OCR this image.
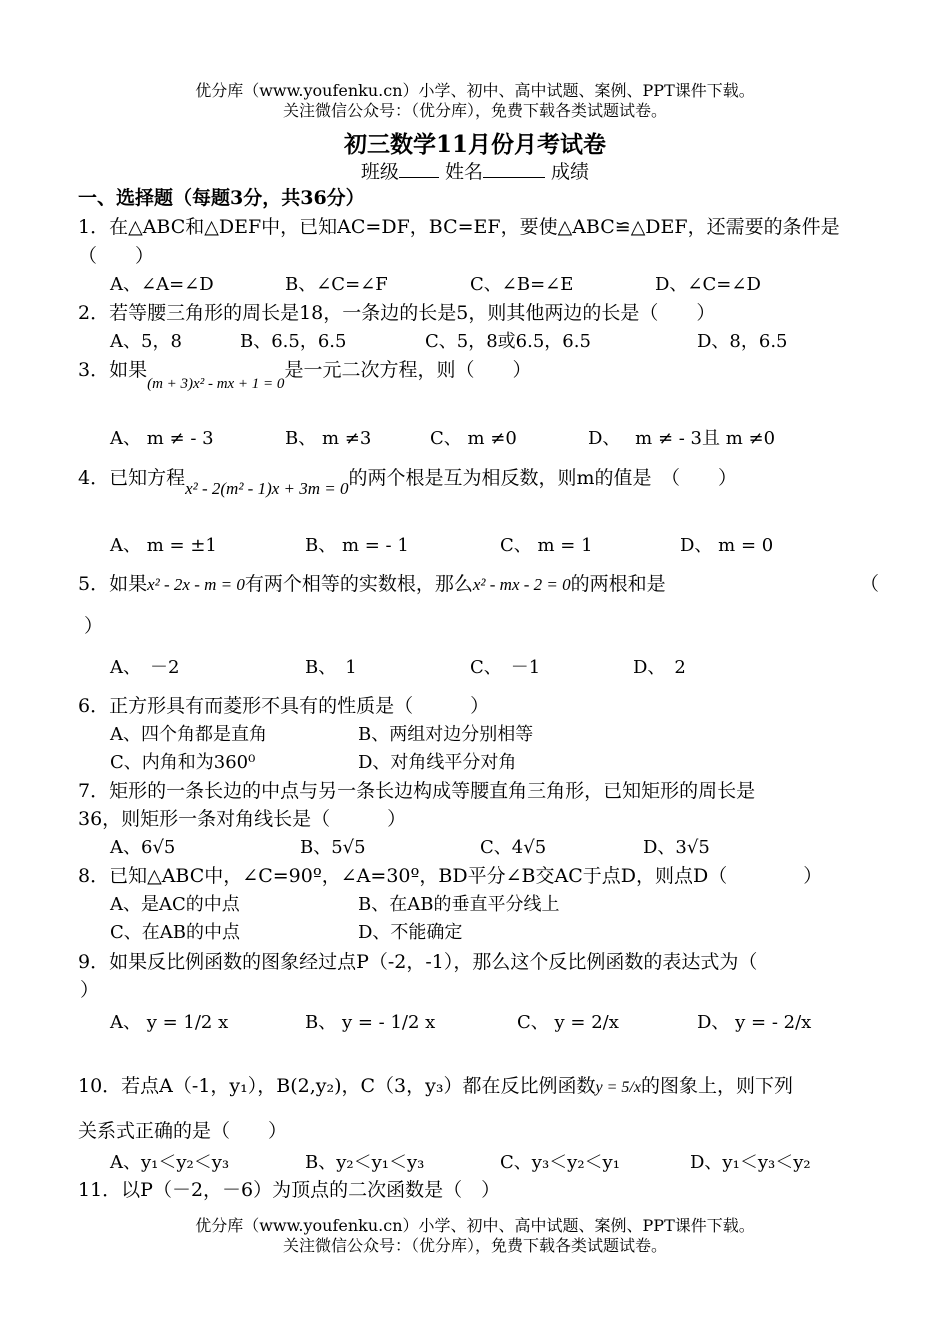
优分库（www.youfenku.cn）小学、初中、高中试题、案例、PPT课件下载。
关注微信公众号：（优分库），免费下载各类试题试卷。
初三数学11月份月考试卷
班级 姓名	成绩
一、选择题（每题3分，共36分）
1．在△ABC和△DEF中，已知AC=DF，BC=EF，要使△ABC≌△DEF，还需要的条件是
（　　）
A、∠A=∠D	B、∠C=∠F	C、∠B=∠E	D、∠C=∠D
2．若等腰三角形的周长是18，一条边的长是5，则其他两边的长是（　　）
A、5，8	B、6.5，6.5	C、5，8或6.5，6.5	D、8，6.5
3．如果$_{(m + 3)x^2 - mx + 1 = 0}$是一元二次方程，则（　　）
A、 m ≠ - 3	B、 m ≠3	C、 m ≠0	D、　 m ≠ - 3且 m ≠0
4．已知方程x² - 2(m² - 1)x + 3m = 0的两个根是互为相反数，则m的值是　（　　）
A、 m = ±1	B、 m = - 1	C、 m = 1	D、 m = 0
5．如果x² - 2x - m = 0有两个相等的实数根，那么x² - mx - 2 = 0的两根和是	（
）
A、　－2	B、　1	C、　－1	D、　2
6．正方形具有而菱形不具有的性质是（　　　）
A、四个角都是直角	B、两组对边分别相等
C、内角和为360⁰	D、对角线平分对角
7．矩形的一条长边的中点与另一条长边构成等腰直角三角形，已知矩形的周长是
36，则矩形一条对角线长是（　　　）
A、6√5	B、5√5	C、4√5	D、3√5
8．已知△ABC中，∠C=90º，∠A=30º，BD平分∠B交AC于点D，则点D（　　　　）
A、是AC的中点	B、在AB的垂直平分线上
C、在AB的中点	D、不能确定
9．如果反比例函数的图象经过点P（-2，-1），那么这个反比例函数的表达式为（
）
A、 y = 1/2 x	B、 y = - 1/2 x	C、 y = 2/x	D、 y = - 2/x
10．若点A（-1，y₁），B(2,y₂)，C（3，y₃）都在反比例函数y = 5/x的图象上，则下列
关系式正确的是（　　）
A、y₁＜y₂＜y₃	B、y₂＜y₁＜y₃	C、y₃＜y₂＜y₁	D、y₁＜y₃＜y₂
11．以P（－2，－6）为顶点的二次函数是（　）
优分库（www.youfenku.cn）小学、初中、高中试题、案例、PPT课件下载。
关注微信公众号：（优分库），免费下载各类试题试卷。
